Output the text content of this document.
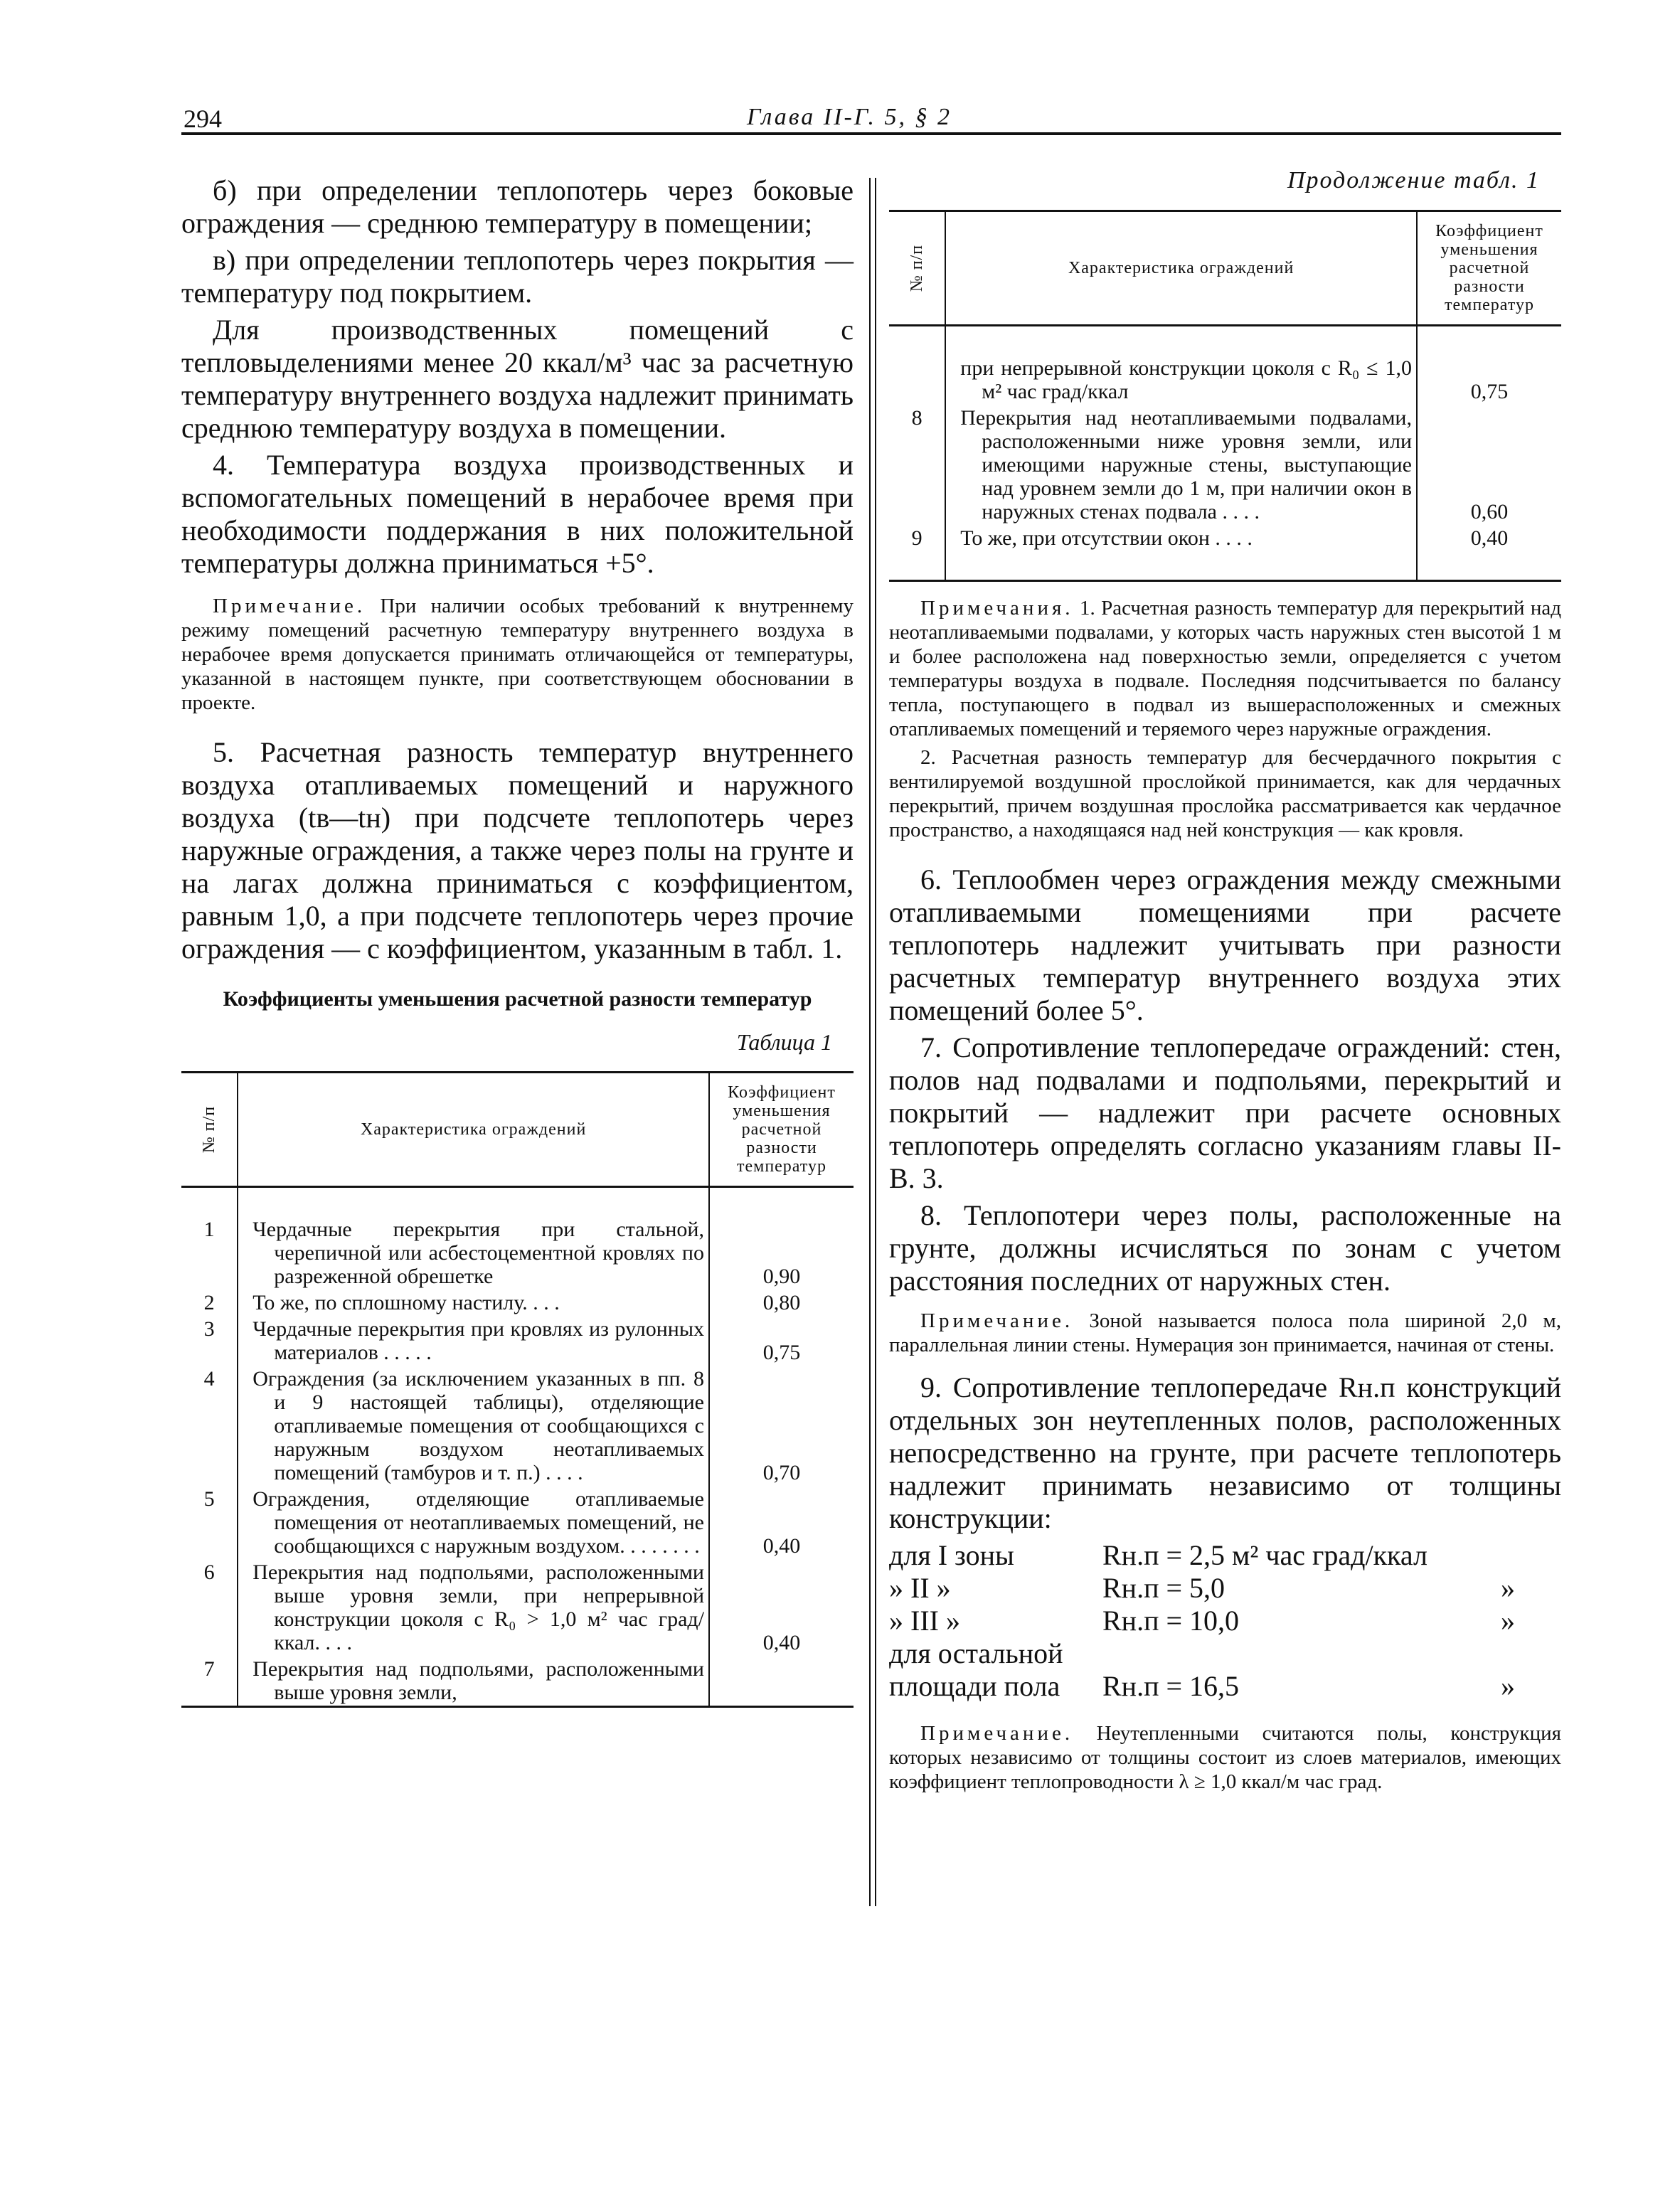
294	Глава II-Г. 5, § 2

б) при определении теплопотерь через боковые ограждения — среднюю температуру в помещении;

в) при определении теплопотерь через покрытия — температуру под покрытием.

Для производственных помещений с тепловыделениями менее 20 ккал/м³ час за расчетную температуру внутреннего воздуха надлежит принимать среднюю температуру воздуха в помещении.

4. Температура воздуха производственных и вспомогательных помещений в нерабочее время при необходимости поддержания в них положительной температуры должна приниматься +5°.

Примечание. При наличии особых требований к внутреннему режиму помещений расчетную температуру внутреннего воздуха в нерабочее время допускается принимать отличающейся от температуры, указанной в настоящем пункте, при соответствующем обосновании в проекте.

5. Расчетная разность температур внутреннего воздуха отапливаемых помещений и наружного воздуха (tв—tн) при подсчете теплопотерь через наружные ограждения, а также через полы на грунте и на лагах должна приниматься с коэффициентом, равным 1,0, а при подсчете теплопотерь через прочие ограждения — с коэффициентом, указанным в табл. 1.

Коэффициенты уменьшения расчетной разности температур
Таблица 1
№ п/п	Характеристика ограждений	Коэффициент уменьшения расчетной разности температур

1	Чердачные перекрытия при стальной, черепичной или асбестоцементной кровлях по разреженной обрешетке	0,90
2	То же, по сплошному настилу. . . .	0,80
3	Чердачные перекрытия при кровлях из рулонных материалов . . . . .	0,75
4	Ограждения (за исключением указанных в пп. 8 и 9 настоящей таблицы), отделяющие отапливаемые помещения от сообщающихся с наружным воздухом неотапливаемых помещений (тамбуров и т. п.) . . . .	0,70
5	Ограждения, отделяющие отапливаемые помещения от неотапливаемых помещений, не сообщающихся с наружным воздухом. . . . . . . .	0,40
6	Перекрытия над подпольями, расположенными выше уровня земли, при непрерывной конструкции цоколя с R₀ > 1,0 м² час град/ккал. . . .	0,40
7	Перекрытия над подпольями, расположенными выше уровня земли,	

Продолжение табл. 1
№ п/п	Характеристика ограждений	Коэффициент уменьшения расчетной разности температур

	при непрерывной конструкции цоколя с R₀ ≤ 1,0 м² час град/ккал	0,75
8	Перекрытия над неотапливаемыми подвалами, расположенными ниже уровня земли, или имеющими наружные стены, выступающие над уровнем земли до 1 м, при наличии окон в наружных стенах подвала . . . .	0,60
9	То же, при отсутствии окон . . . .	0,40

Примечания. 1. Расчетная разность температур для перекрытий над неотапливаемыми подвалами, у которых часть наружных стен высотой 1 м и более расположена над поверхностью земли, определяется с учетом температуры воздуха в подвале. Последняя подсчитывается по балансу тепла, поступающего в подвал из вышерасположенных и смежных отапливаемых помещений и теряемого через наружные ограждения.

2. Расчетная разность температур для бесчердачного покрытия с вентилируемой воздушной прослойкой принимается, как для чердачных перекрытий, причем воздушная прослойка рассматривается как чердачное пространство, а находящаяся над ней конструкция — как кровля.

6. Теплообмен через ограждения между смежными отапливаемыми помещениями при расчете теплопотерь надлежит учитывать при разности расчетных температур внутреннего воздуха этих помещений более 5°.

7. Сопротивление теплопередаче ограждений: стен, полов над подвалами и подпольями, перекрытий и покрытий — надлежит при расчете основных теплопотерь определять согласно указаниям главы II-В. 3.

8. Теплопотери через полы, расположенные на грунте, должны исчисляться по зонам с учетом расстояния последних от наружных стен.

Примечание. Зоной называется полоса пола шириной 2,0 м, параллельная линии стены. Нумерация зон принимается, начиная от стены.

9. Сопротивление теплопередаче Rн.п конструкций отдельных зон неутепленных полов, расположенных непосредственно на грунте, при расчете теплопотерь надлежит принимать независимо от толщины конструкции:

для I зоны	Rн.п = 2,5 м² час град/ккал
» II »	Rн.п = 5,0	»
» III »	Rн.п = 10,0	»
для остальной
площади пола	Rн.п = 16,5	»

Примечание. Неутепленными считаются полы, конструкция которых независимо от толщины состоит из слоев материалов, имеющих коэффициент теплопроводности λ ≥ 1,0 ккал/м час град.
